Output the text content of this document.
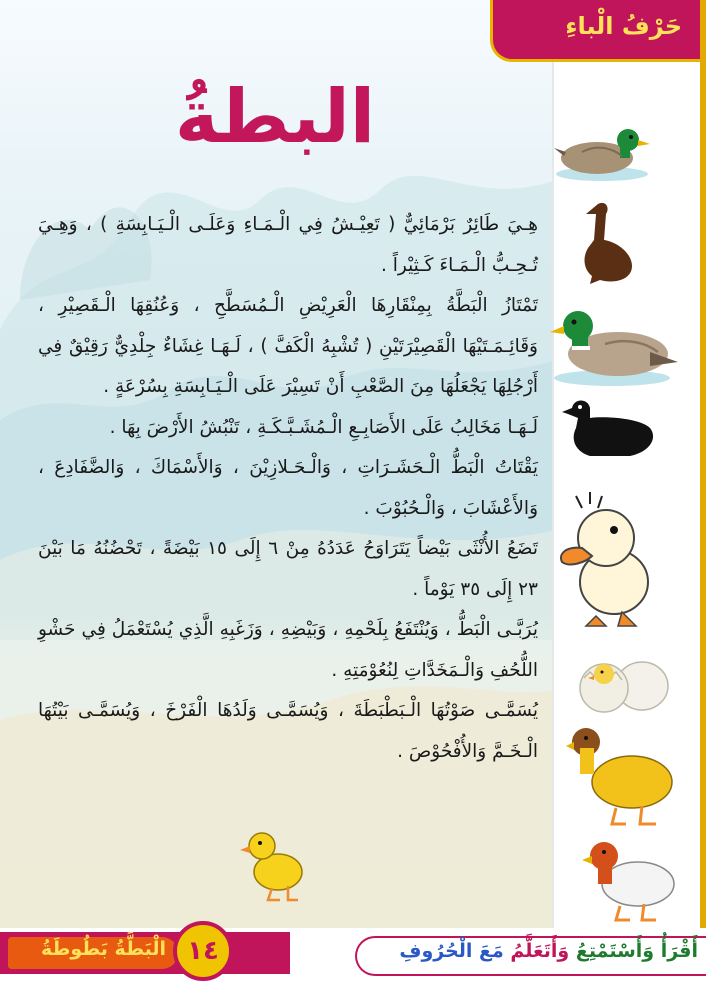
حَرْفُ الْباءِ
البطةُ

هِـيَ طَائِرٌ بَرْمَائِيٌّ ( تَعِيْـشُ فِي الْـمَـاءِ وَعَلَـى الْـيَـابِسَةِ ) ، وَهِـيَ تُـحِـبُّ الْـمَـاءَ كَـثِيْراً .

تَمْتَازُ الْبَطَّةُ بِمِنْقَارِهَا الْعَرِيْضِ الْـمُسَطَّحِ ، وَعُنُقِهَا الْـقَصِيْرِ ، وَقَائِـمَـتَيْهَا الْقَصِيْرَتَيْنِ ( تُشْبِهُ الْكَفَّ ) ، لَـهَـا غِشَاءٌ جِلْدِيٌّ رَقِيْقٌ فِي أَرْجُلِهَا يَجْعَلُهَا مِنَ الصَّعْبِ أَنْ تَسِيْرَ عَلَى الْـيَـابِسَةِ بِسُرْعَةٍ .

لَـهَـا مَخَالِبُ عَلَى الأَصَابِـعِ الْـمُشَـبَّـكَـةِ ، تَنْبُشُ الأَرْضَ بِهَا .

يَقْتَاتُ الْبَطُّ الْـحَشَـرَاتِ ، وَالْـحَـلازِيْنَ ، وَالأَسْمَاكَ ، وَالضَّفَادِعَ ، وَالأَعْشَابَ ، وَالْـحُبُوْبَ .

تَضَعُ الأُنْثَى بَيْضاً يَتَرَاوَحُ عَدَدُهُ مِنْ ٦ إِلَى ١٥ بَيْضَةً ، تَحْضُنُهُ مَا بَيْنَ ٢٣ إِلَى ٣٥ يَوْماً .

يُرَبَّـى الْبَطُّ ، وَيُنْتَفَعُ بِلَحْمِهِ ، وَبَيْضِهِ ، وَزَغَبِهِ الَّذِي يُسْتَعْمَلُ فِي حَشْوِ اللُّحُفِ وَالْـمَخَدَّاتِ لِنُعُوْمَتِهِ .

يُسَمَّـى صَوْتُهَا الْـبَطْبَطَةَ ، وَيُسَمَّـى وَلَدُهَا الْفَرْخَ ، وَيُسَمَّـى بَيْتُهَا الْـخَـمَّ وَالأُفْحُوْصَ .

الْبَطَّةُ بَطُوطَةُ ١٤	أَقْرَأُ وَأَسْتَمْتِعُ وَأَتَعَلَّمُ مَعَ الْحُرُوفِ
